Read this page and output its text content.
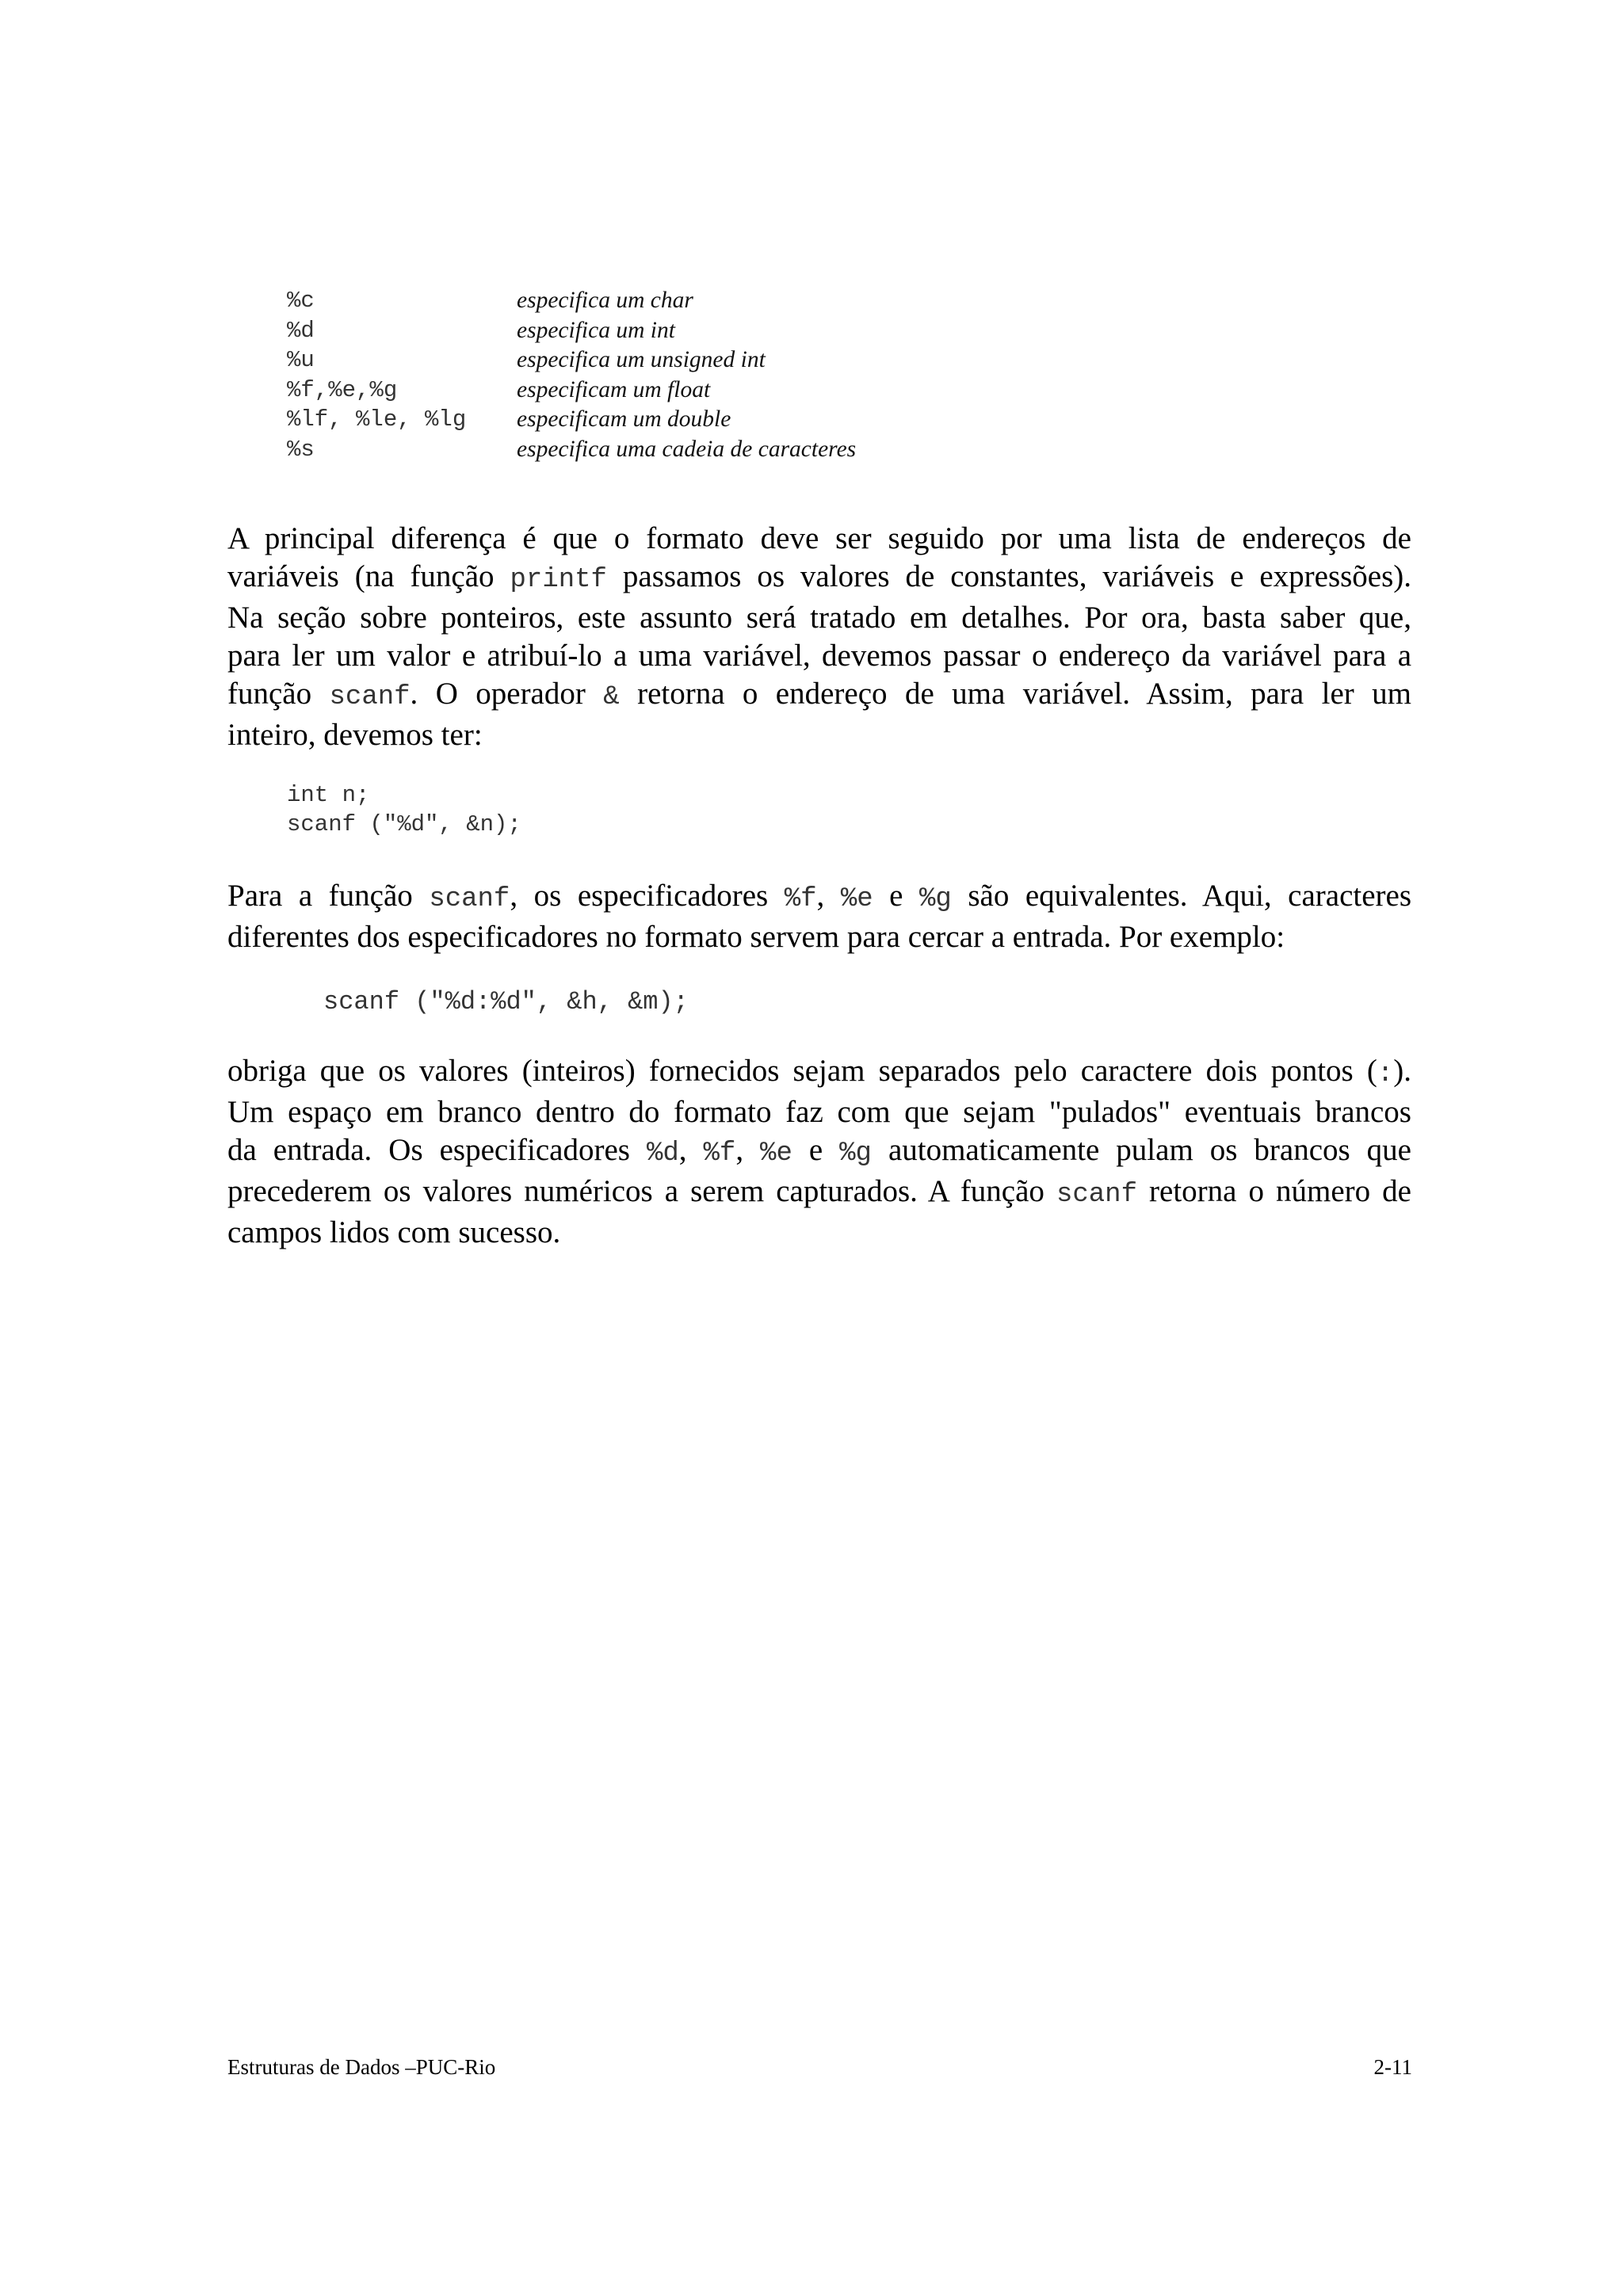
%c	especifica um char
%d	especifica um int
%u	especifica um unsigned int
%f,%e,%g	especificam um float
%lf, %le, %lg	especificam um double
%s	especifica uma cadeia de caracteres
A principal diferença é que o formato deve ser seguido por uma lista de endereços de
variáveis (na função printf passamos os valores de constantes, variáveis e expressões).
Na seção sobre ponteiros, este assunto será tratado em detalhes. Por ora, basta saber que,
para ler um valor e atribuí-lo a uma variável, devemos passar o endereço da variável para a
função scanf. O operador & retorna o endereço de uma variável. Assim, para ler um
inteiro, devemos ter:
int n;
scanf ("%d", &n);
Para a função scanf, os especificadores %f, %e e %g são equivalentes. Aqui, caracteres
diferentes dos especificadores no formato servem para cercar a entrada. Por exemplo:
scanf ("%d:%d", &h, &m);
obriga que os valores (inteiros) fornecidos sejam separados pelo caractere dois pontos (:).
Um espaço em branco dentro do formato faz com que sejam "pulados" eventuais brancos
da entrada. Os especificadores %d, %f, %e e %g automaticamente pulam os brancos que
precederem os valores numéricos a serem capturados. A função scanf retorna o número de
campos lidos com sucesso.
Estruturas de Dados –PUC-Rio	2-11
